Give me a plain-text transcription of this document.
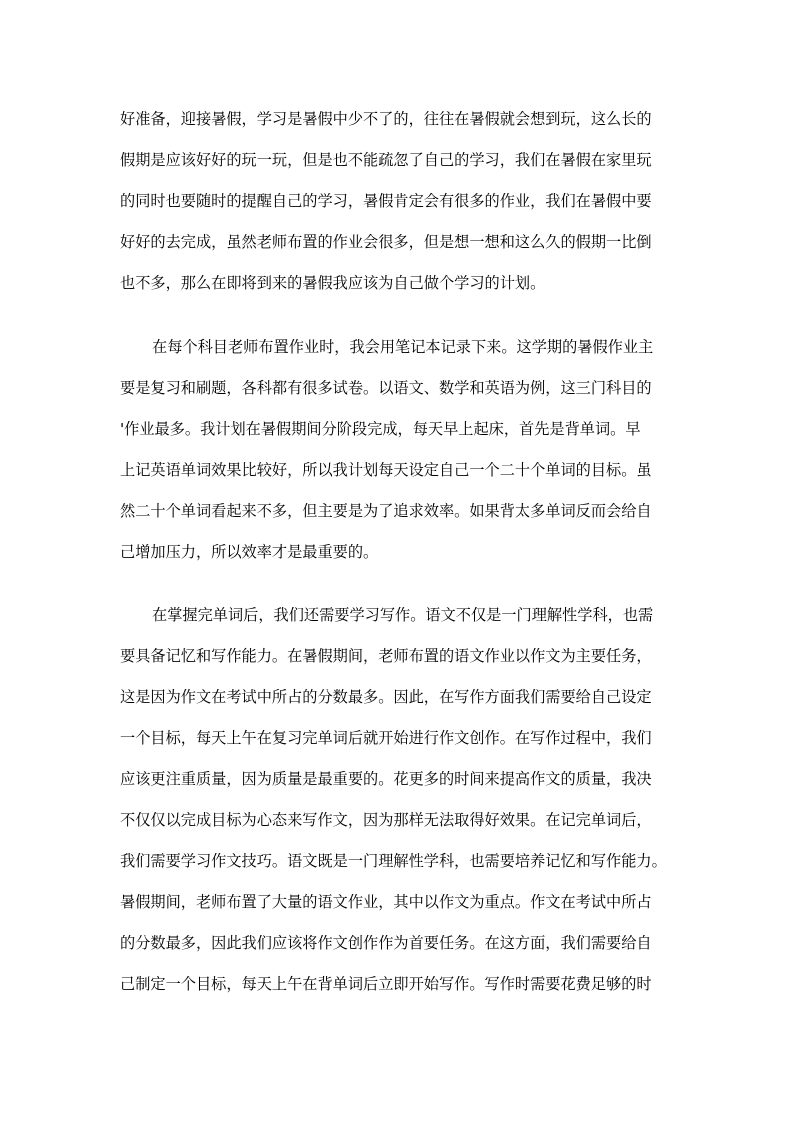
好准备，迎接暑假，学习是暑假中少不了的，往往在暑假就会想到玩，这么长的
假期是应该好好的玩一玩，但是也不能疏忽了自己的学习，我们在暑假在家里玩
的同时也要随时的提醒自己的学习，暑假肯定会有很多的作业，我们在暑假中要
好好的去完成，虽然老师布置的作业会很多，但是想一想和这么久的假期一比倒
也不多，那么在即将到来的暑假我应该为自己做个学习的计划。
在每个科目老师布置作业时，我会用笔记本记录下来。这学期的暑假作业主
要是复习和刷题，各科都有很多试卷。以语文、数学和英语为例，这三门科目的
'作业最多。我计划在暑假期间分阶段完成，每天早上起床，首先是背单词。早
上记英语单词效果比较好，所以我计划每天设定自己一个二十个单词的目标。虽
然二十个单词看起来不多，但主要是为了追求效率。如果背太多单词反而会给自
己增加压力，所以效率才是最重要的。
在掌握完单词后，我们还需要学习写作。语文不仅是一门理解性学科，也需
要具备记忆和写作能力。在暑假期间，老师布置的语文作业以作文为主要任务，
这是因为作文在考试中所占的分数最多。因此，在写作方面我们需要给自己设定
一个目标，每天上午在复习完单词后就开始进行作文创作。在写作过程中，我们
应该更注重质量，因为质量是最重要的。花更多的时间来提高作文的质量，我决
不仅仅以完成目标为心态来写作文，因为那样无法取得好效果。在记完单词后，
我们需要学习作文技巧。语文既是一门理解性学科，也需要培养记忆和写作能力。
暑假期间，老师布置了大量的语文作业，其中以作文为重点。作文在考试中所占
的分数最多，因此我们应该将作文创作作为首要任务。在这方面，我们需要给自
己制定一个目标，每天上午在背单词后立即开始写作。写作时需要花费足够的时
